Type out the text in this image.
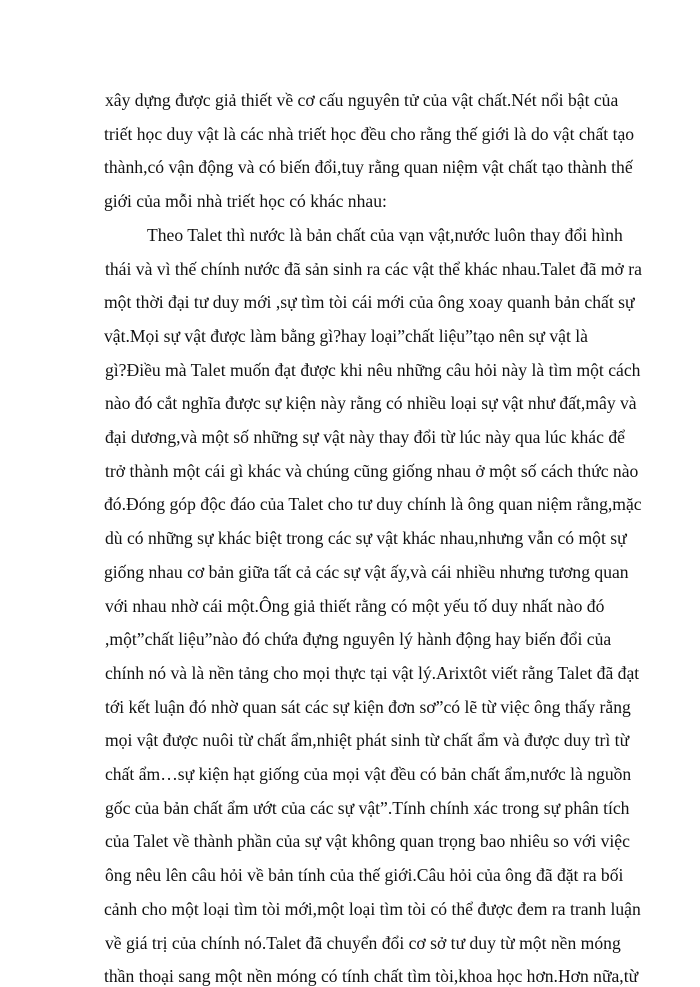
xây dựng được giả thiết về cơ cấu nguyên tử của vật chất.Nét nổi bật của
triết học duy vật là các nhà triết học đều cho rằng thế giới là do vật chất tạo
thành,có vận động và có biến đổi,tuy rằng quan niệm vật chất tạo thành thế
giới của mỗi nhà triết học có khác nhau:
Theo Talet thì nước là bản chất của vạn vật,nước luôn thay đổi hình
thái và vì thế chính nước đã sản sinh ra các vật thể khác nhau.Talet đã mở ra
một thời đại tư duy mới ,sự tìm tòi cái mới của ông xoay quanh bản chất sự
vật.Mọi sự vật được làm bằng gì?hay loại”chất liệu”tạo nên sự vật là
gì?Điều mà Talet muốn đạt được khi nêu những câu hỏi này là tìm một cách
nào đó cắt nghĩa được sự kiện này rằng có nhiều loại sự vật như đất,mây và
đại dương,và một số những sự vật này thay đổi từ lúc này qua lúc khác để
trở thành một cái gì khác và chúng cũng giống nhau ở một số cách thức nào
đó.Đóng góp độc đáo của Talet cho tư duy chính là ông quan niệm rằng,mặc
dù có những sự khác biệt trong các sự vật khác nhau,nhưng vẫn có một sự
giống nhau cơ bản giữa tất cả các sự vật ấy,và cái nhiều nhưng tương quan
với nhau nhờ cái một.Ông giả thiết rằng có một yếu tố duy nhất nào đó
,một”chất liệu”nào đó chứa đựng nguyên lý hành động hay biến đổi của
chính nó và là nền tảng cho mọi thực tại vật lý.Arixtôt viết rằng Talet đã đạt
tới kết luận đó nhờ quan sát các sự kiện đơn sơ”có lẽ từ việc ông thấy rằng
mọi vật được nuôi từ chất ẩm,nhiệt phát sinh từ chất ẩm và được duy trì từ
chất ẩm…sự kiện hạt giống của mọi vật đều có bản chất ẩm,nước là nguồn
gốc của bản chất ẩm ướt của các sự vật”.Tính chính xác trong sự phân tích
của Talet về thành phần của sự vật không quan trọng bao nhiêu so với việc
ông nêu lên câu hỏi về bản tính của thế giới.Câu hỏi của ông đã đặt ra bối
cảnh cho một loại tìm tòi mới,một loại tìm tòi có thể được đem ra tranh luận
về giá trị của chính nó.Talet đã chuyển đổi cơ sở tư duy từ một nền móng
thần thoại sang một nền móng có tính chất tìm tòi,khoa học hơn.Hơn nữa,từ
